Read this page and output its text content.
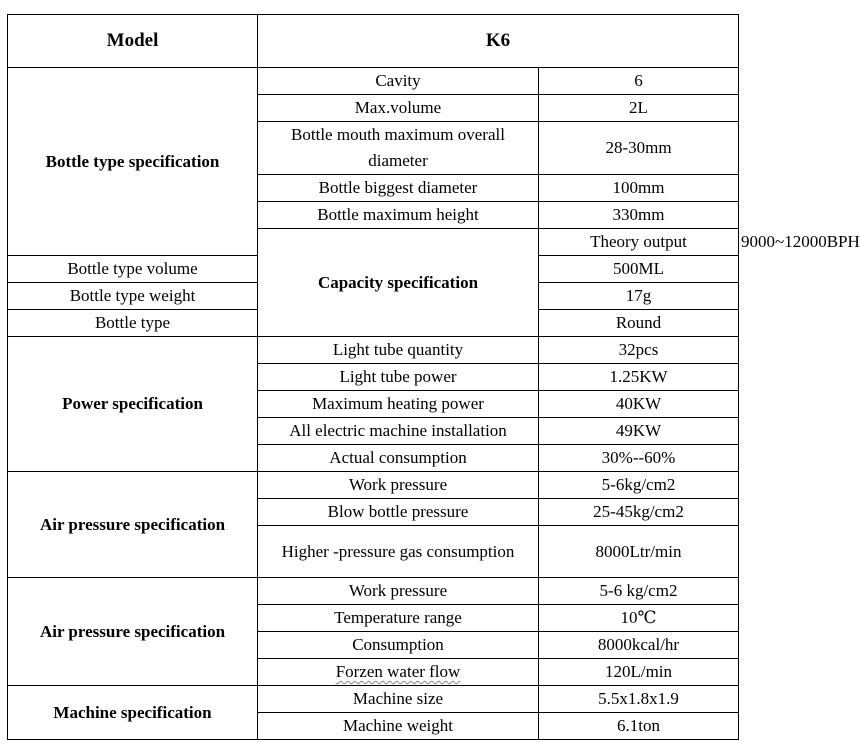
Model	K6		
Bottle type specification	Cavity	6	
	Max.volume	2L	
	Bottle mouth maximum overall diameter	28-30mm	
	Bottle biggest diameter	100mm	
	Bottle maximum height	330mm	
	Capacity specification	Theory output	9000~12000BPH
Bottle type volume		500ML	
Bottle type weight		17g	
Bottle type		Round	
Power specification	Light tube quantity	32pcs	
	Light tube power	1.25KW	
	Maximum heating power	40KW	
	All electric machine installation	49KW	
	Actual consumption	30%--60%	
Air pressure specification	Work pressure	5-6kg/cm2	
	Blow bottle pressure	25-45kg/cm2	
	Higher -pressure gas consumption	8000Ltr/min	
Air pressure specification	Work pressure	5-6 kg/cm2	
	Temperature range	10℃	
	Consumption	8000kcal/hr	
	Forzen water flow	120L/min	
Machine specification	Machine size	5.5x1.8x1.9	
	Machine weight	6.1ton	
